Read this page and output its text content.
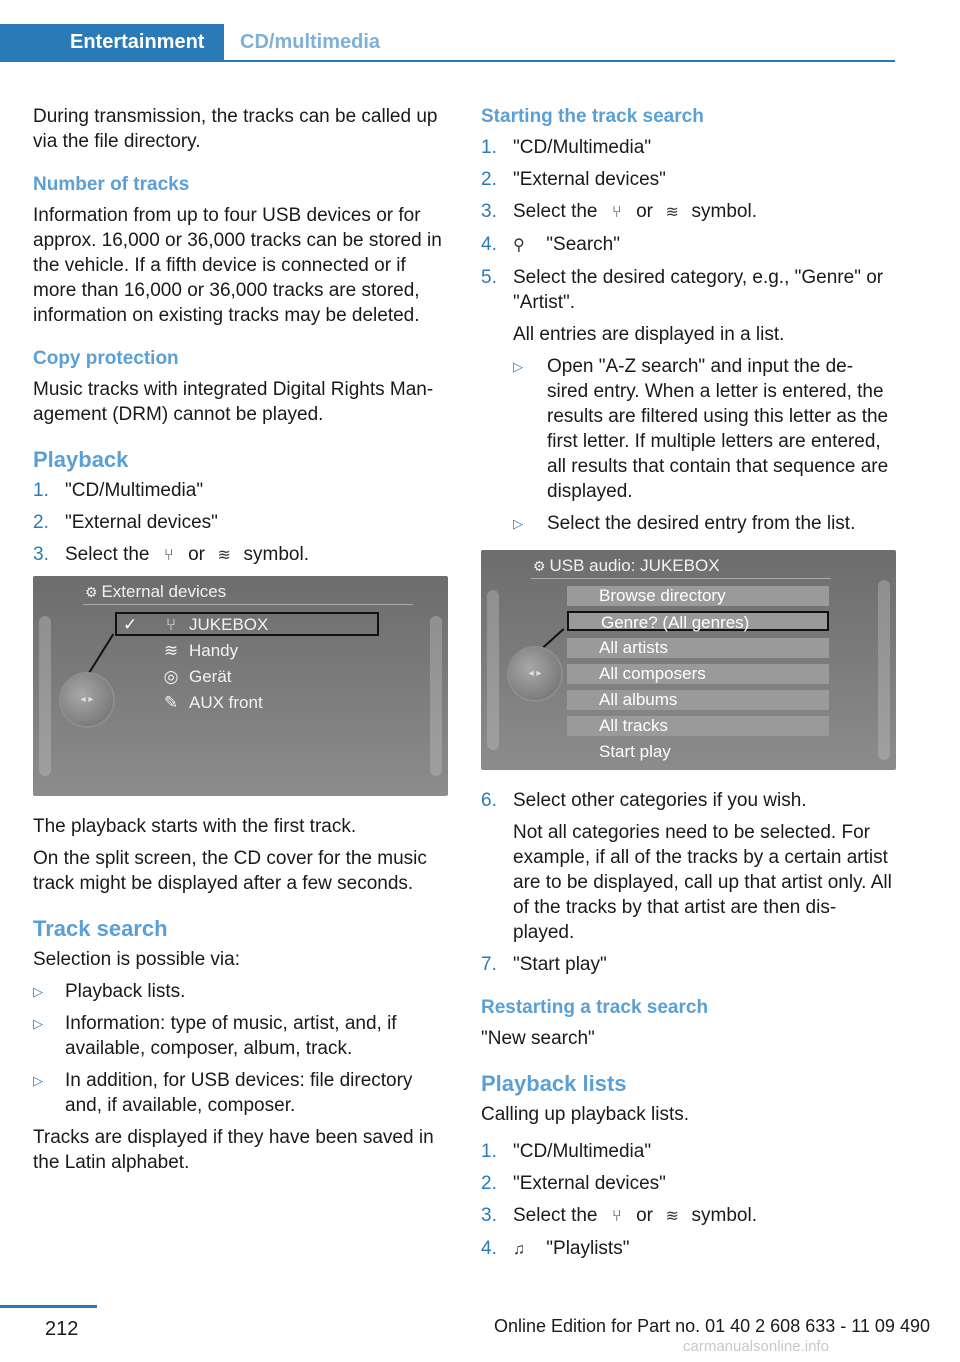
Entertainment CD/multimedia

During transmission, the tracks can be called up via the file directory.

Number of tracks

Information from up to four USB devices or for approx. 16,000 or 36,000 tracks can be stored in the vehicle. If a fifth device is connected or if more than 16,000 or 36,000 tracks are stored, information on existing tracks may be deleted.

Copy protection

Music tracks with integrated Digital Rights Man- agement (DRM) cannot be played.

Playback
1. "CD/Multimedia"
2. "External devices"
3. Select the ⑂ or ≋ symbol.
⚙ External devices
✓ ⑂ JUKEBOX
≋ Handy
◎ Gerät
✎ AUX front
◂ ▸

The playback starts with the first track.

On the split screen, the CD cover for the music track might be displayed after a few seconds.

Track search

Selection is possible via:

▷ Playback lists.
▷ Information: type of music, artist, and, if available, composer, album, track.
▷ In addition, for USB devices: file directory and, if available, composer.

Tracks are displayed if they have been saved in the Latin alphabet.

Starting the track search
1. "CD/Multimedia"
2. "External devices"
3. Select the ⑂ or ≋ symbol.
4. ⚲ "Search"
5. Select the desired category, e.g., "Genre" or "Artist".

All entries are displayed in a list.

▷ Open "A-Z search" and input the de- sired entry. When a letter is entered, the results are filtered using this letter as the first letter. If multiple letters are entered, all results that contain that sequence are displayed.
▷ Select the desired entry from the list.
⚙ USB audio: JUKEBOX
Browse directory
Genre? (All genres)
All artists
All composers
All albums
All tracks
Start play
◂ ▸
6. Select other categories if you wish.

Not all categories need to be selected. For example, if all of the tracks by a certain artist are to be displayed, call up that artist only. All of the tracks by that artist are then dis- played.

7. "Start play"
Restarting a track search

"New search"

Playback lists

Calling up playback lists.

1. "CD/Multimedia"
2. "External devices"
3. Select the ⑂ or ≋ symbol.
4. ♫ "Playlists"
212	Online Edition for Part no. 01 40 2 608 633 - 11 09 490
carmanualsonline.info
